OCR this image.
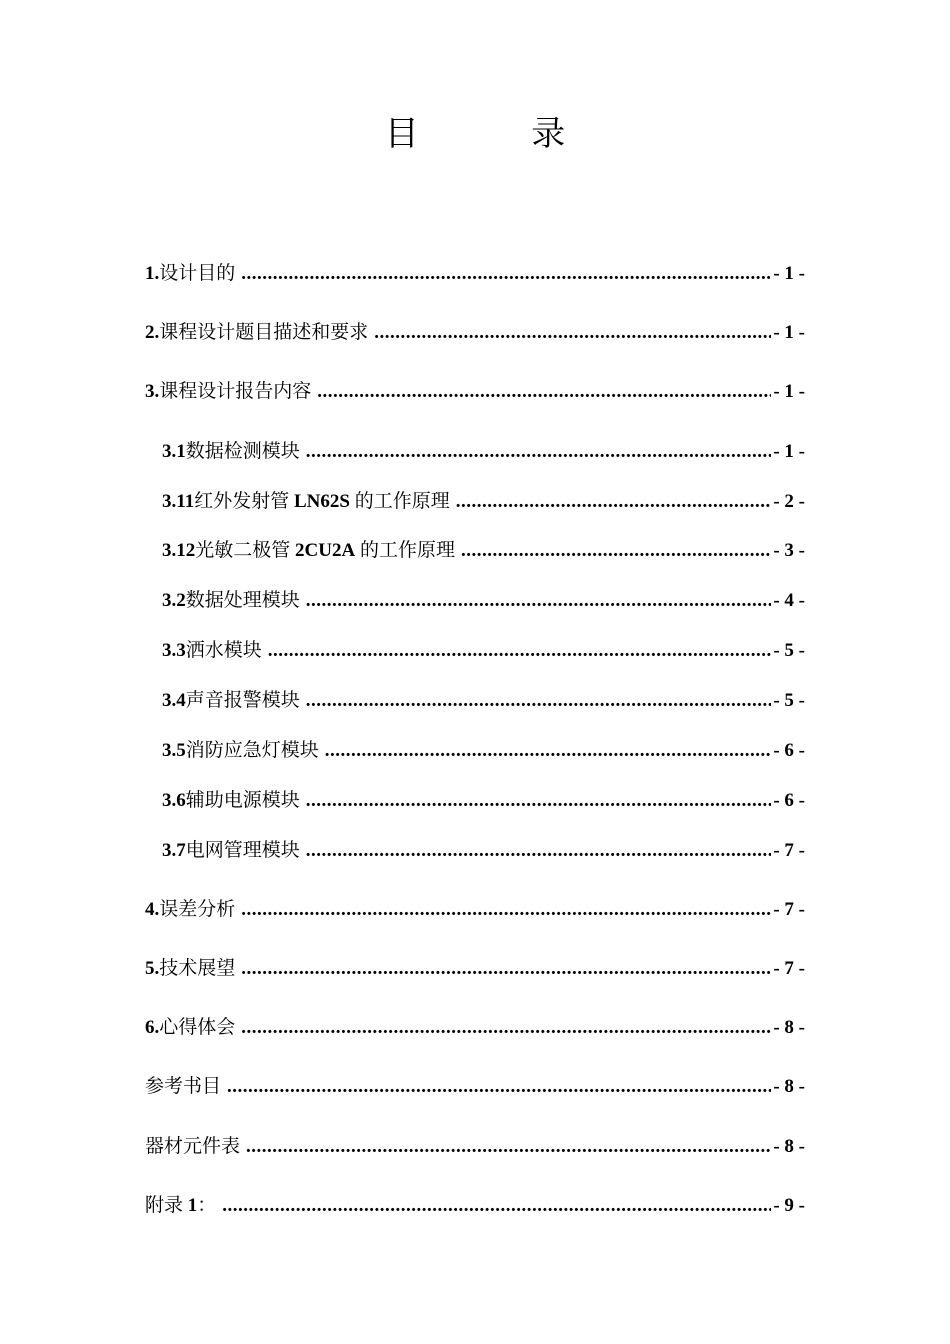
目 录
1. 设计目的 .....	- 1 -
2. 课程设计题目描述和要求 .....	- 1 -
3. 课程设计报告内容 .....	- 1 -
3.1 数据检测模块 .....	- 1 -
3.11 红外发射管 LN62S 的工作原理 .....	- 2 -
3.12 光敏二极管 2CU2A 的工作原理 .....	- 3 -
3.2 数据处理模块 .....	- 4 -
3.3 洒水模块 .....	- 5 -
3.4 声音报警模块 .....	- 5 -
3.5 消防应急灯模块 .....	- 6 -
3.6 辅助电源模块 .....	- 6 -
3.7 电网管理模块 .....	- 7 -
4. 误差分析 .....	- 7 -
5. 技术展望 .....	- 7 -
6. 心得体会 .....	- 8 -
参考书目 .....	- 8 -
器材元件表 .....	- 8 -
附录 1： .....	- 9 -
